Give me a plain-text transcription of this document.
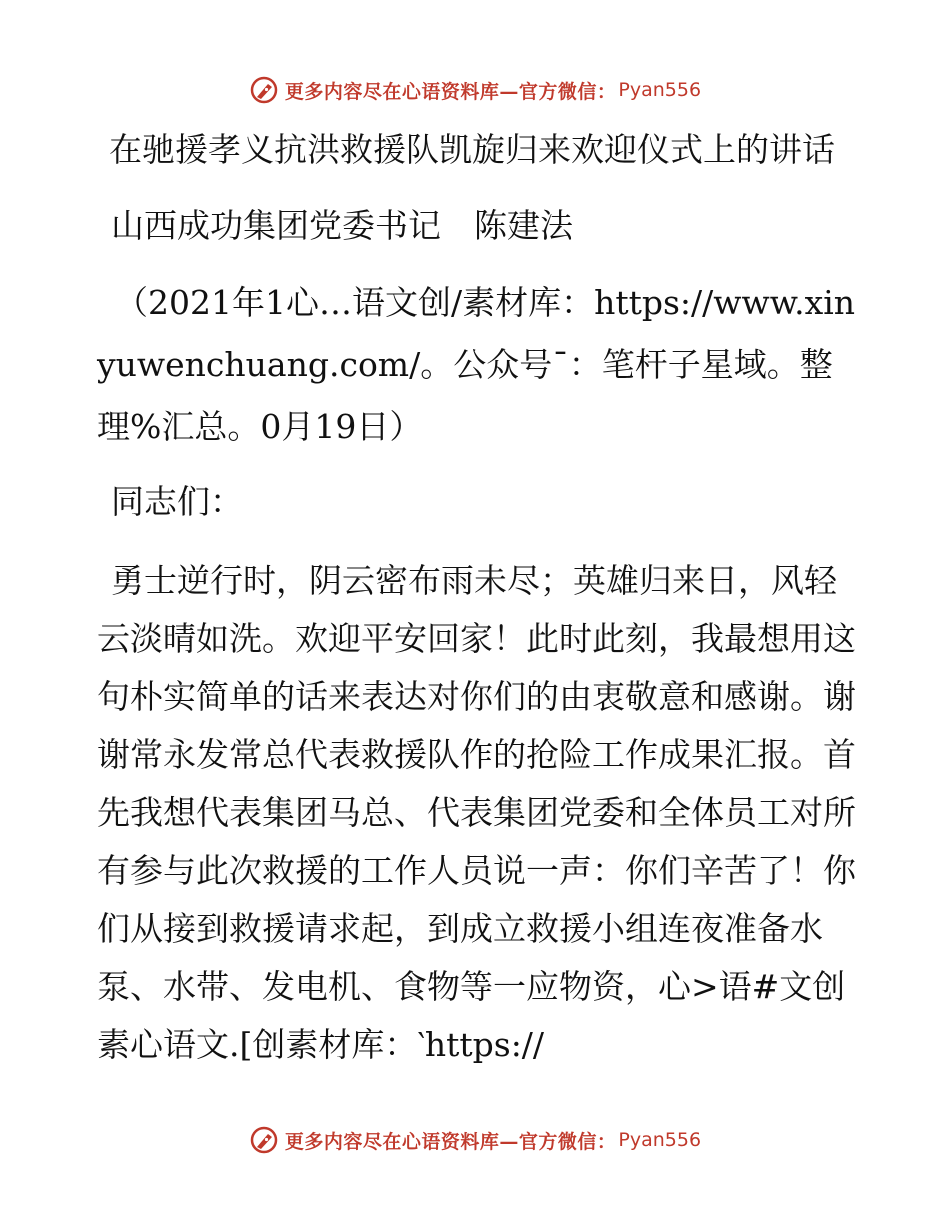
更多内容尽在心语资料库—官方微信： Pyan556

在驰援孝义抗洪救援队凯旋归来欢迎仪式上的讲话

山西成功集团党委书记　陈建法

（2021年1心…语文创/素材库：https://www.xinyuwenchuang.com/。公众号¯：笔杆子星域。整理%汇总。0月19日）

同志们：

勇士逆行时，阴云密布雨未尽；英雄归来日，风轻云淡晴如洗。欢迎平安回家！此时此刻，我最想用这句朴实简单的话来表达对你们的由衷敬意和感谢。谢谢常永发常总代表救援队作的抢险工作成果汇报。首先我想代表集团马总、代表集团党委和全体员工对所有参与此次救援的工作人员说一声：你们辛苦了！你们从接到救援请求起，到成立救援小组连夜准备水泵、水带、发电机、食物等一应物资，心>语#文创素心语文.[创素材库：‵https://

更多内容尽在心语资料库—官方微信： Pyan556
